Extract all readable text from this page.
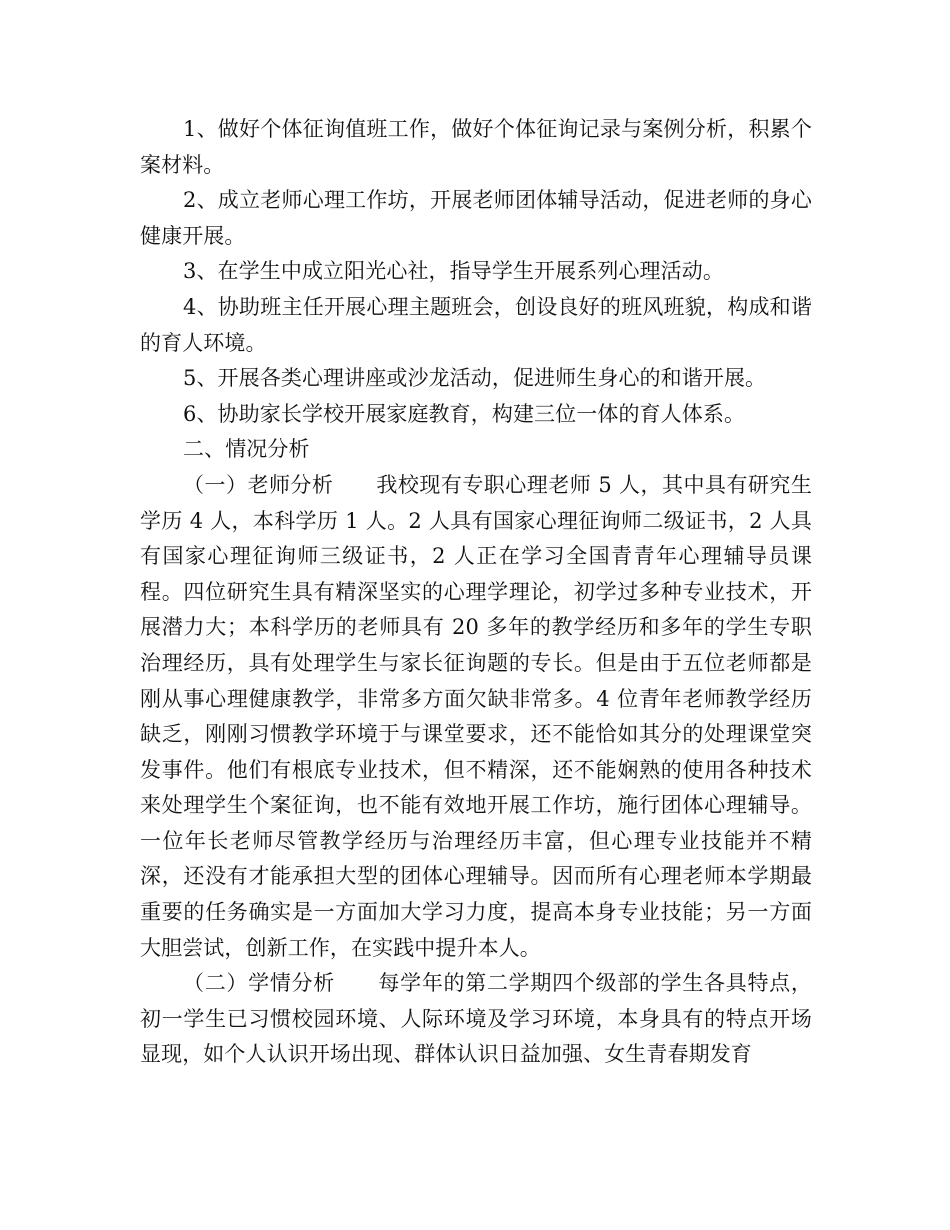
1、做好个体征询值班工作，做好个体征询记录与案例分析，积累个案材料。

2、成立老师心理工作坊，开展老师团体辅导活动，促进老师的身心健康开展。

3、在学生中成立阳光心社，指导学生开展系列心理活动。

4、协助班主任开展心理主题班会，创设良好的班风班貌，构成和谐的育人环境。

5、开展各类心理讲座或沙龙活动，促进师生身心的和谐开展。

6、协助家长学校开展家庭教育，构建三位一体的育人体系。

二、情况分析

（一）老师分析　　我校现有专职心理老师 5 人，其中具有研究生学历 4 人，本科学历 1 人。2 人具有国家心理征询师二级证书，2 人具有国家心理征询师三级证书，2 人正在学习全国青青年心理辅导员课程。四位研究生具有精深坚实的心理学理论，初学过多种专业技术，开展潜力大；本科学历的老师具有 20 多年的教学经历和多年的学生专职治理经历，具有处理学生与家长征询题的专长。但是由于五位老师都是刚从事心理健康教学，非常多方面欠缺非常多。4 位青年老师教学经历缺乏，刚刚习惯教学环境于与课堂要求，还不能恰如其分的处理课堂突发事件。他们有根底专业技术，但不精深，还不能娴熟的使用各种技术来处理学生个案征询，也不能有效地开展工作坊，施行团体心理辅导。一位年长老师尽管教学经历与治理经历丰富，但心理专业技能并不精深，还没有才能承担大型的团体心理辅导。因而所有心理老师本学期最重要的任务确实是一方面加大学习力度，提高本身专业技能；另一方面大胆尝试，创新工作，在实践中提升本人。

（二）学情分析　　每学年的第二学期四个级部的学生各具特点，初一学生已习惯校园环境、人际环境及学习环境，本身具有的特点开场显现，如个人认识开场出现、群体认识日益加强、女生青春期发育
